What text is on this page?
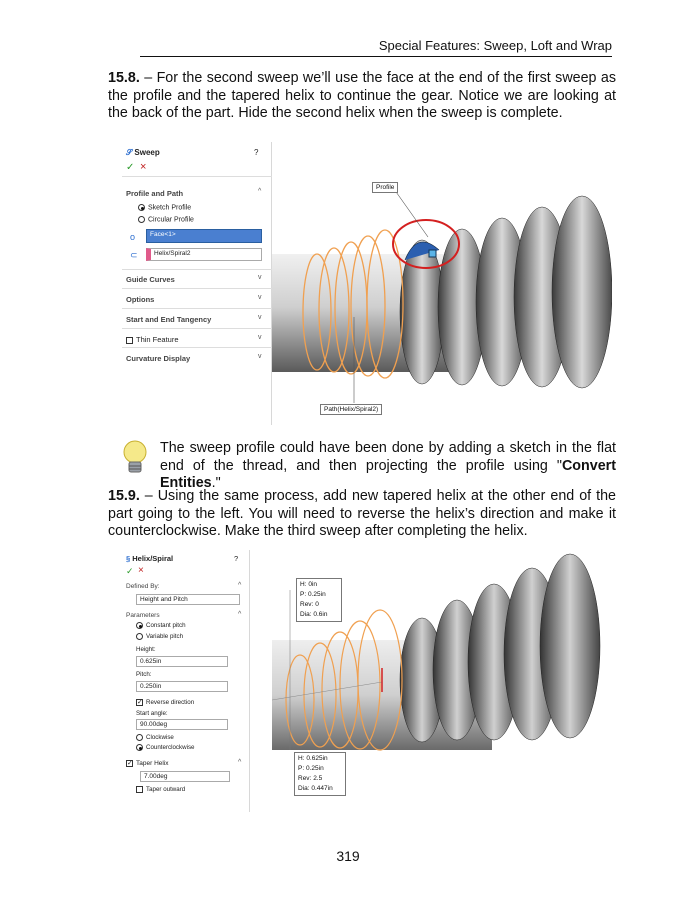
Special Features: Sweep, Loft and Wrap
15.8. – For the second sweep we’ll use the face at the end of the first sweep as the profile and the tapered helix to continue the gear. Notice we are looking at the back of the part. Hide the second helix when the sweep is complete.
𝒮 Sweep	?
✓ ×
Profile and Path	^
Sketch Profile
Circular Profile
o	Face<1>
⊂	Helix/Spiral2
Guide Curves	v
Options	v
Start and End Tangency	v
Thin Feature	v
Curvature Display	v
Profile
Path(Helix/Spiral2)
The sweep profile could have been done by adding a sketch in the flat end of the thread, and then projecting the profile using "Convert Entities."
15.9. – Using the same process, add new tapered helix at the other end of the part going to the left. You will need to reverse the helix’s direction and make it counterclockwise. Make the third sweep after completing the helix.
§ Helix/Spiral	?
✓ ×
Defined By:	^
Height and Pitch
Parameters	^
Constant pitch
Variable pitch
Height:
0.625in
Pitch:
0.250in
✓ Reverse direction
Start angle:
90.00deg
Clockwise
Counterclockwise
✓ Taper Helix	^
7.00deg
Taper outward
H: 0in
P: 0.25in
Rev: 0
Dia: 0.6in
H: 0.625in
P: 0.25in
Rev: 2.5
Dia: 0.447in
319
